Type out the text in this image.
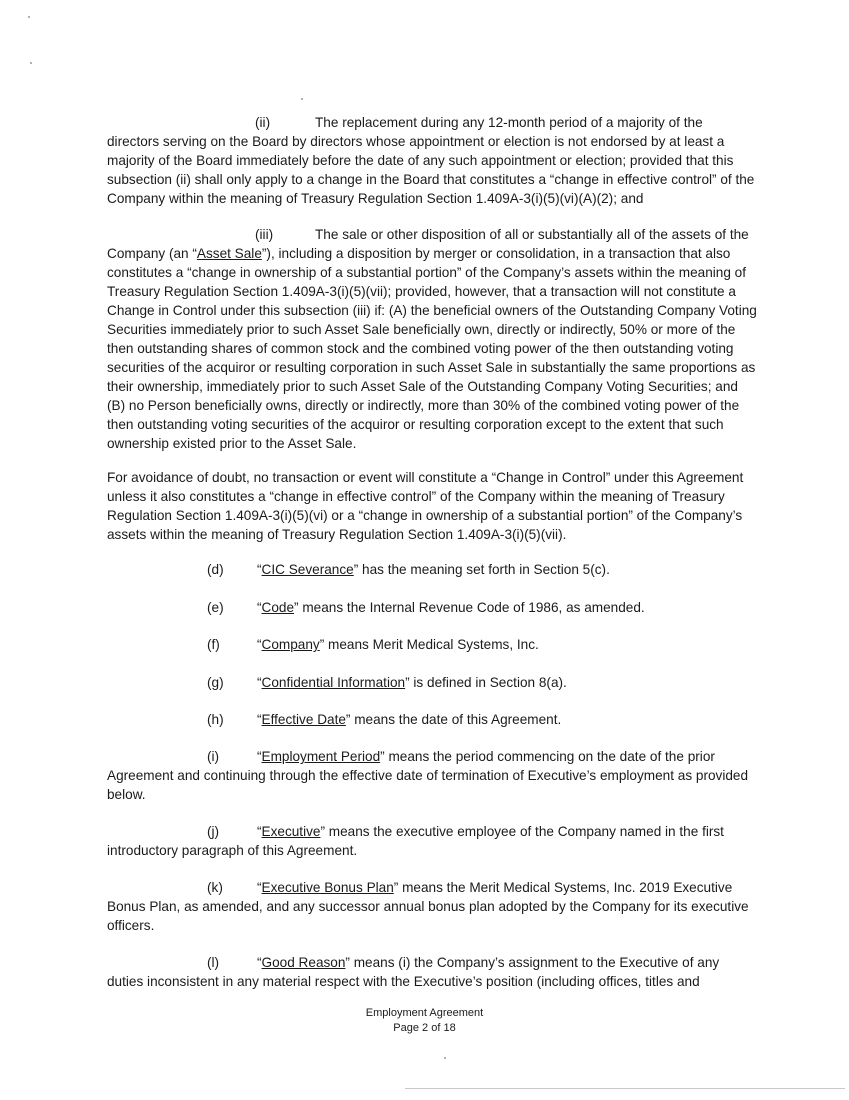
(ii)	The replacement during any 12-month period of a majority of the directors serving on the Board by directors whose appointment or election is not endorsed by at least a majority of the Board immediately before the date of any such appointment or election; provided that this subsection (ii) shall only apply to a change in the Board that constitutes a “change in effective control” of the Company within the meaning of Treasury Regulation Section 1.409A-3(i)(5)(vi)(A)(2); and

(iii)	The sale or other disposition of all or substantially all of the assets of the Company (an “Asset Sale”), including a disposition by merger or consolidation, in a transaction that also constitutes a “change in ownership of a substantial portion” of the Company’s assets within the meaning of Treasury Regulation Section 1.409A-3(i)(5)(vii); provided, however, that a transaction will not constitute a Change in Control under this subsection (iii) if: (A) the beneficial owners of the Outstanding Company Voting Securities immediately prior to such Asset Sale beneficially own, directly or indirectly, 50% or more of the then outstanding shares of common stock and the combined voting power of the then outstanding voting securities of the acquiror or resulting corporation in such Asset Sale in substantially the same proportions as their ownership, immediately prior to such Asset Sale of the Outstanding Company Voting Securities; and (B) no Person beneficially owns, directly or indirectly, more than 30% of the combined voting power of the then outstanding voting securities of the acquiror or resulting corporation except to the extent that such ownership existed prior to the Asset Sale.

For avoidance of doubt, no transaction or event will constitute a “Change in Control” under this Agreement unless it also constitutes a “change in effective control” of the Company within the meaning of Treasury Regulation Section 1.409A-3(i)(5)(vi) or a “change in ownership of a substantial portion” of the Company’s assets within the meaning of Treasury Regulation Section 1.409A-3(i)(5)(vii).

(d) “CIC Severance” has the meaning set forth in Section 5(c).
(e) “Code” means the Internal Revenue Code of 1986, as amended.
(f)	“Company” means Merit Medical Systems, Inc.
(g) “Confidential Information” is defined in Section 8(a).
(h) “Effective Date” means the date of this Agreement.
(i)	“Employment Period” means the period commencing on the date of the prior

Agreement and continuing through the effective date of termination of Executive’s employment as provided below.

(j)	“Executive” means the executive employee of the Company named in the first

introductory paragraph of this Agreement.

(k)	“Executive Bonus Plan” means the Merit Medical Systems, Inc. 2019 Executive

Bonus Plan, as amended, and any successor annual bonus plan adopted by the Company for its executive officers.

(l)	“Good Reason” means (i) the Company’s assignment to the Executive of any

duties inconsistent in any material respect with the Executive’s position (including offices, titles and

Employment Agreement
Page 2 of 18
